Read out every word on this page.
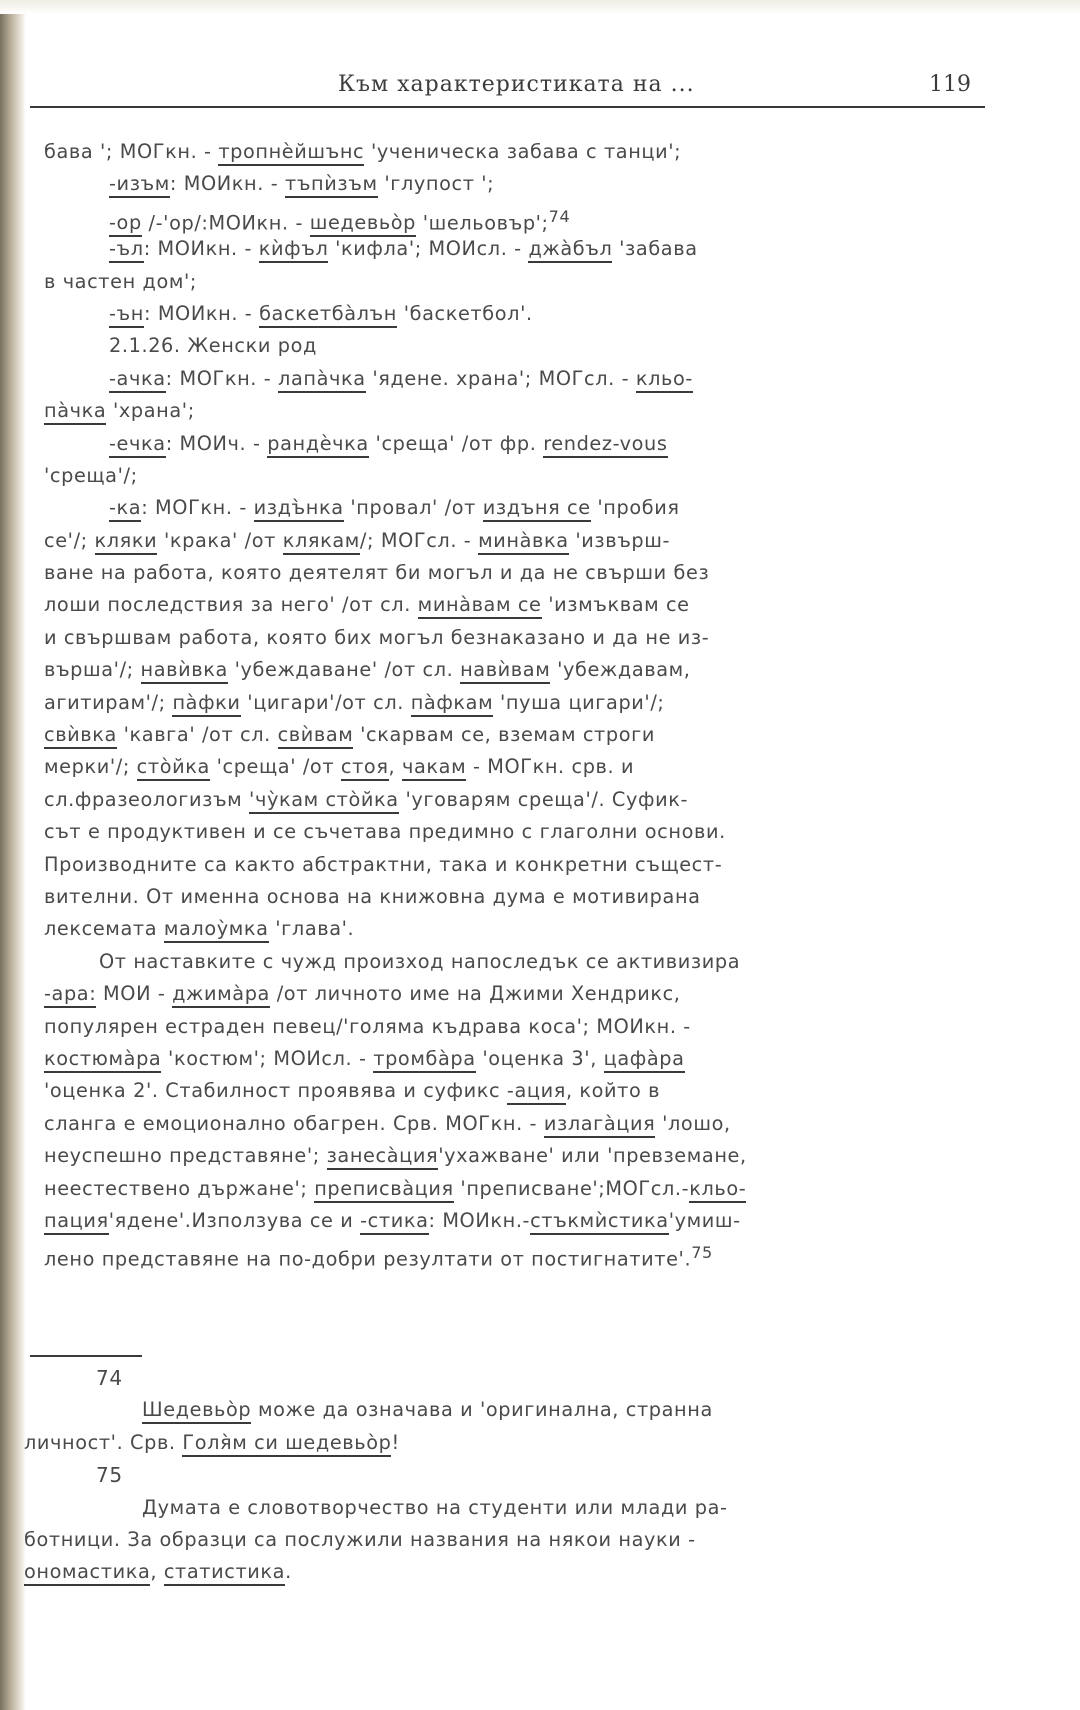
Към характеристиката на ...	119
бава '; МОГкн. - тропнѐйшънс 'ученическа забава с танци';
-изъм: МОИкн. - тъпѝзъм 'глупост ';
-ор /-'ор/:МОИкн. - шедевьо̀р 'шельовър';$^{74}$
-ъл: МОИкн. - кѝфъл 'кифла'; МОИсл. - джа̀бъл 'забава
в частен дом';
-ън: МОИкн. - баскетба̀лън 'баскетбол'.
2.1.26. Женски род
-ачка: МОГкн. - лапа̀чка 'ядене. храна'; МОГсл. - кльо-
па̀чка 'храна';
-ечка: МОИч. - рандѐчка 'среща' /от фр. rendez-vous
'среща'/;
-ка: МОГкн. - издъ̀нка 'провал' /от издъня се 'пробия
се'/; кляки 'крака' /от клякам/; МОГсл. - мина̀вка 'извърш-
ване на работа, която деятелят би могъл и да не свърши без
лоши последствия за него' /от сл. мина̀вам се 'измъквам се
и свършвам работа, която бих могъл безнаказано и да не из-
върша'/; навѝвка 'убеждаване' /от сл. навѝвам 'убеждавам,
агитирам'/; па̀фки 'цигари'/от сл. па̀фкам 'пуша цигари'/;
свѝвка 'кавга' /от сл. свѝвам 'скарвам се, вземам строги
мерки'/; сто̀йка 'среща' /от стоя, чакам - МОГкн. срв. и
сл.фразеологизъм 'чу̀кам сто̀йка 'уговарям среща'/. Суфик-
сът е продуктивен и се съчетава предимно с глаголни основи.
Производните са както абстрактни, така и конкретни същест-
вителни. От именна основа на книжовна дума е мотивирана
лексемата малоу̀мка 'глава'.
От наставките с чужд произход напоследък се активизира
-ара: МОИ - джима̀ра /от личното име на Джими Хендрикс,
популярен естраден певец/'голяма къдрава коса'; МОИкн. -
костюма̀ра 'костюм'; МОИсл. - тромба̀ра 'оценка 3', цафа̀ра
'оценка 2'. Стабилност проявява и суфикс -ация, който в
сланга е емоционално обагрен. Срв. МОГкн. - излага̀ция 'лошо,
неуспешно представяне'; занеса̀ция'ухажване' или 'превземане,
неестествено държане'; преписва̀ция 'преписване';МОГсл.-кльо-
пация'ядене'.Използува се и -стика: МОИкн.-стъкмѝстика'умиш-
лено представяне на по-добри резултати от постигнатите'.$^{75}$
74
Шедевьо̀р може да означава и 'оригинална, странна
личност'. Срв. Голя̀м си шедевьо̀р!
75
Думата е словотворчество на студенти или млади ра-
ботници. За образци са послужили названия на някои науки -
ономастика, статистика.
